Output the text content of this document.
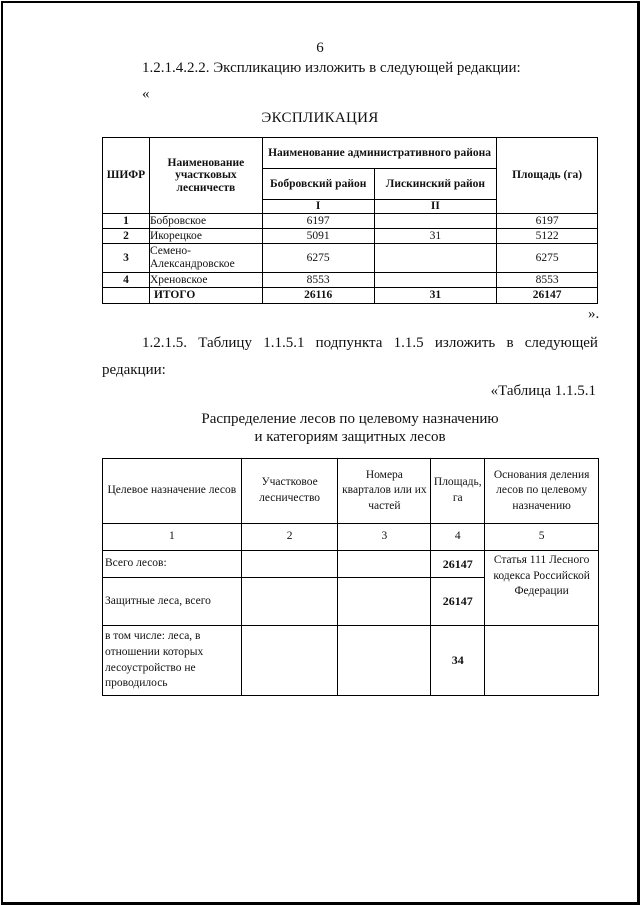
6
1.2.1.4.2.2. Экспликацию изложить в следующей редакции:
«
ЭКСПЛИКАЦИЯ
ШИФР	Наименование участковых лесничеств	Наименование административного района		Площадь (га)
		Бобровский район	Лискинский район	
		I	II	
1	Бобровское	6197		6197
2	Икорецкое	5091	31	5122
3	Семено-Александровское	6275		6275
4	Хреновское	8553		8553
	ИТОГО	26116	31	26147
».
1.2.1.5. Таблицу 1.1.5.1 подпункта 1.1.5 изложить в следующей
редакции:
«Таблица 1.1.5.1
Распределение лесов по целевому назначению
и категориям защитных лесов
Целевое назначение лесов	Участковое лесничество	Номера кварталов или их частей	Площадь, га	Основания деления лесов по целевому назначению
1	2	3	4	5
Всего лесов:			26147	Статья 111 Лесного кодекса Российской Федерации
Защитные леса, всего			26147	
в том числе: леса, в отношении которых лесоустройство не проводилось			34	
